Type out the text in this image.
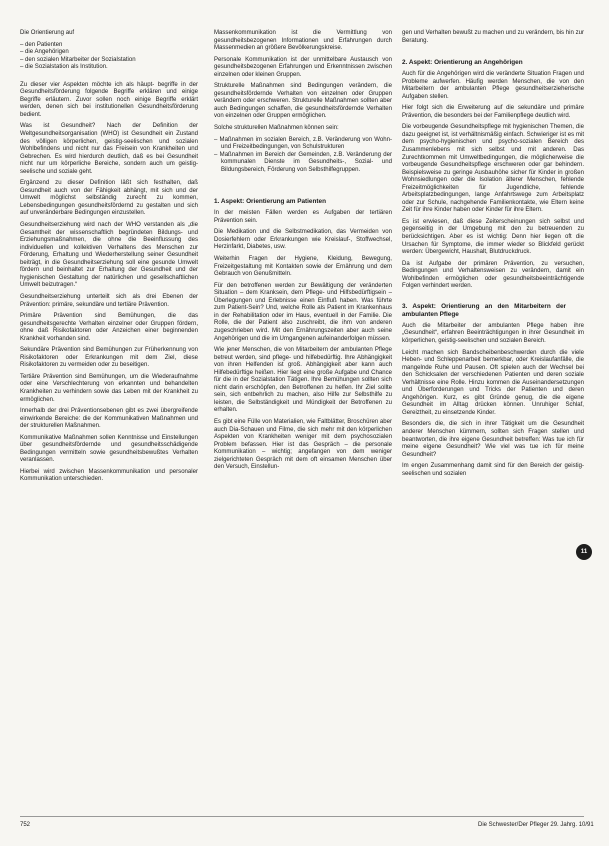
Die Orientierung auf

– den Patienten
– die Angehörigen
– den sozialen Mitarbeiter der Sozialstation
– die Sozialstation als Institution.

Zu dieser vier Aspekten möchte ich als häupt- begriffe in der Gesundheitsförderung folgende Begriffe erklären und einige Begriffe erläutern. Zuvor sollen noch einige Begriffe erklärt werden, denen sich bei institutionellen Gesundheitsförderung bedient.

Was ist Gesundheit? Nach der Definition der Weltgesundheitsorganisation (WHO) ist Gesundheit ein Zustand des völligen körperlichen, geistig-seelischen und sozialen Wohlbefindens und nicht nur das Freisein von Krankheiten und Gebrechen. Es wird hierdurch deutlich, daß es bei Gesundheit nicht nur um körperliche Bereiche, sondern auch um geistig-seelische und soziale geht.

Ergänzend zu dieser Definition läßt sich festhalten, daß Gesundheit auch von der Fähigkeit abhängt, mit sich und der Umwelt möglichst selbständig zurecht zu kommen, Lebensbedingungen gesundheitsfördernd zu gestalten und sich auf unveränderbare Bedingungen einzustellen.

Gesundheitserziehung wird nach der WHO verstanden als „die Gesamtheit der wissenschaftlich begründeten Bildungs- und Erziehungsmaßnahmen, die ohne die Beeinflussung des individuellen und kollektiven Verhaltens des Menschen zur Förderung, Erhaltung und Wiederherstellung seiner Gesundheit beiträgt, in die Gesundheitserziehung soll eine gesunde Umwelt fördern und beinhaltet zur Erhaltung der Gesundheit und der hygienischen Gestaltung der natürlichen und gesellschaftlichen Umwelt beizutragen.“

Gesundheitserziehung unterteilt sich als drei Ebenen der Prävention: primäre, sekundäre und tertiäre Prävention.

Primäre Prävention sind Bemühungen, die das gesundheitsgerechte Verhalten einzelner oder Gruppen fördern, ohne daß Risikofaktoren oder Anzeichen einer beginnenden Krankheit vorhanden sind.

Sekundäre Prävention sind Bemühungen zur Früherkennung von Risikofaktoren oder Erkrankungen mit dem Ziel, diese Risikofaktoren zu vermeiden oder zu beseitigen.

Tertiäre Prävention sind Bemühungen, um die Wiederaufnahme oder eine Verschlechterung von erkannten und behandelten Krankheiten zu verhindern sowie das Leben mit der Krankheit zu ermöglichen.

Innerhalb der drei Präventionsebenen gibt es zwei übergreifende einwirkende Bereiche: die der Kommunikativen Maßnahmen und der strukturellen Maßnahmen.

Kommunikative Maßnahmen sollen Kenntnisse und Einstellungen über gesundheitsfördernde und gesundheitsschädigende Bedingungen vermitteln sowie gesundheitsbewußtes Verhalten veranlassen.

Hierbei wird zwischen Massenkommunikation und personaler Kommunikation unterschieden.

Massenkommunikation ist die Vermittlung von gesundheitsbezogenen Informationen und Erfahrungen durch Massenmedien an größere Bevölkerungskreise.

Personale Kommunikation ist der unmittelbare Austausch von gesundheitsbezogenen Erfahrungen und Erkenntnissen zwischen einzelnen oder kleinen Gruppen.

Strukturelle Maßnahmen sind Bedingungen verändern, die gesundheitsfördernde Verhalten von einzelnen oder Gruppen verändern oder erschweren. Strukturelle Maßnahmen sollten aber auch Bedingungen schaffen, die gesundheitsfördernde Verhalten von einzelnen oder Gruppen ermöglichen.

Solche strukturellen Maßnahmen können sein:

– Maßnahmen im sozialen Bereich, z.B. Veränderung von Wohn- und Freizeitbedingungen, von Schulstrukturen
– Maßnahmen im Bereich der Gemeinden, z.B. Veränderung der kommunalen Dienste im Gesundheits-, Sozial- und Bildungsbereich, Förderung von Selbsthilfegruppen.
1. Aspekt: Orientierung am Patienten

In der meisten Fällen werden es Aufgaben der tertiären Prävention sein.

Die Medikation und die Selbstmedikation, das Vermeiden von Dosierfehlern oder Erkrankungen wie Kreislauf-, Stoffwechsel, Herzinfarkt, Diabetes, usw.

Weiterhin Fragen der Hygiene, Kleidung, Bewegung, Freizeitgestaltung mit Kontakten sowie der Ernährung und dem Gebrauch von Genußmitteln.

Für den betroffenen werden zur Bewältigung der veränderten Situation – dem Kranksein, dem Pflege- und Hilfsbedürftigsein – Überlegungen und Erlebnisse einen Einfluß haben. Was führte zum Patient-Sein? Und, welche Rolle als Patient im Krankenhaus in der Rehabilitation oder im Haus, eventuell in der Familie. Die Rolle, die der Patient also zuschreibt, die ihm von anderen zugeschrieben wird. Mit den Ernährungszeiten aber auch seine Angehörigen und die im Umgangenen aufeinanderfolgen müssen.

Wie jener Menschen, die von Mitarbeitern der ambulanten Pflege betreut werden, sind pflege- und hilfebedürftig. Ihre Abhängigkeit von ihren Helfenden ist groß. Abhängigkeit aber kann auch Hilfebedürftige heißen. Hier liegt eine große Aufgabe und Chance für die in der Sozialstation Tätigen. Ihre Bemühungen sollten sich nicht darin erschöpfen, den Betroffenen zu helfen. Ihr Ziel sollte sein, sich entbehrlich zu machen, also Hilfe zur Selbsthilfe zu leisten, die Selbständigkeit und Mündigkeit der Betroffenen zu erhalten.

Es gibt eine Fülle von Materialien, wie Faltblätter, Broschüren aber auch Dia-Schauen und Filme, die sich mehr mit den körperlichen Aspekten von Krankheiten weniger mit dem psychosozialen Problem befassen. Hier ist das Gespräch – die personale Kommunikation – wichtig; angefangen von dem weniger zielgerichteten Gespräch mit dem oft einsamen Menschen über den Versuch, Einstellun-

gen und Verhalten bewußt zu machen und zu verändern, bis hin zur Beratung.

2. Aspekt: Orientierung an Angehörigen

Auch für die Angehörigen wird die veränderte Situation Fragen und Probleme aufwerfen. Häufig werden Menschen, die von den Mitarbeitern der ambulanten Pflege gesundheitserzieherische Aufgaben stellen.

Hier folgt sich die Erweiterung auf die sekundäre und primäre Prävention, die besonders bei der Familienpflege deutlich wird.

Die vorbeugende Gesundheitspflege mit hygienischen Themen, die dazu geeignet ist, ist verhältnismäßig einfach. Schwieriger ist es mit dem psycho-hygienischen und psycho-sozialen Bereich des Zusammenlebens mit sich selbst und mit anderen. Das Zurechtkommen mit Umweltbedingungen, die möglicherweise die vorbeugende Gesundheitspflege erschweren oder gar behindern. Beispielsweise zu geringe Ausbauhöhe sicher für Kinder in großen Wohnsiedlungen oder die Isolation älterer Menschen, fehlende Freizeitmöglichkeiten für Jugendliche, fehlende Arbeitsplatzbedingungen, lange Anfahrtswege zum Arbeitsplatz oder zur Schule, nachgehende Familienkontakte, wie Eltern keine Zeit für ihre Kinder haben oder Kinder für ihre Eltern.

Es ist erwiesen, daß diese Zeiterscheinungen sich selbst und gegenseitig in der Umgebung mit den zu betreuenden zu berücksichtigen. Aber es ist wichtig: Denn hier liegen oft die Ursachen für Symptome, die immer wieder so Blickfeld gerückt werden: Übergewicht, Haushalt, Blutdruckdruck.

Da ist Aufgabe der primären Prävention, zu versuchen, Bedingungen und Verhaltensweisen zu verändern, damit ein Wohlbefinden ermöglichen oder gesundheitsbeeinträchtigende Folgen verhindert werden.

3. Aspekt: Orientierung an den Mitarbeitern der ambulanten Pflege

Auch die Mitarbeiter der ambulanten Pflege haben ihre „Gesundheit“, erfahren Beeinträchtigungen in ihrer Gesundheit im körperlichen, geistig-seelischen und sozialen Bereich.

Leicht machen sich Bandscheibenbeschwerden durch die viele Heben- und Schleppenarbeit bemerkbar, oder Kreislaufanfälle, die mangelnde Ruhe und Pausen. Oft spielen auch der Wechsel bei den Schicksalen der verschiedenen Patienten und deren soziale Verhältnisse eine Rolle. Hinzu kommen die Auseinandersetzungen und Überforderungen und Tricks der Patienten und deren Angehörigen. Kurz, es gibt Gründe genug, die die eigene Gesundheit im Alltag drücken können. Unruhiger Schlaf, Gereiztheit, zu einsetzende Kinder.

Besonders die, die sich in ihrer Tätigkeit um die Gesundheit anderer Menschen kümmern, sollten sich Fragen stellen und beantworten, die ihre eigene Gesundheit betreffen: Was tue ich für meine eigene Gesundheit? Wie viel was tue ich für meine Gesundheit?

Im engen Zusammenhang damit sind für den Bereich der geistig-seelischen und sozialen

11
752	Die Schwester/Der Pfleger 29. Jahrg. 10/91
